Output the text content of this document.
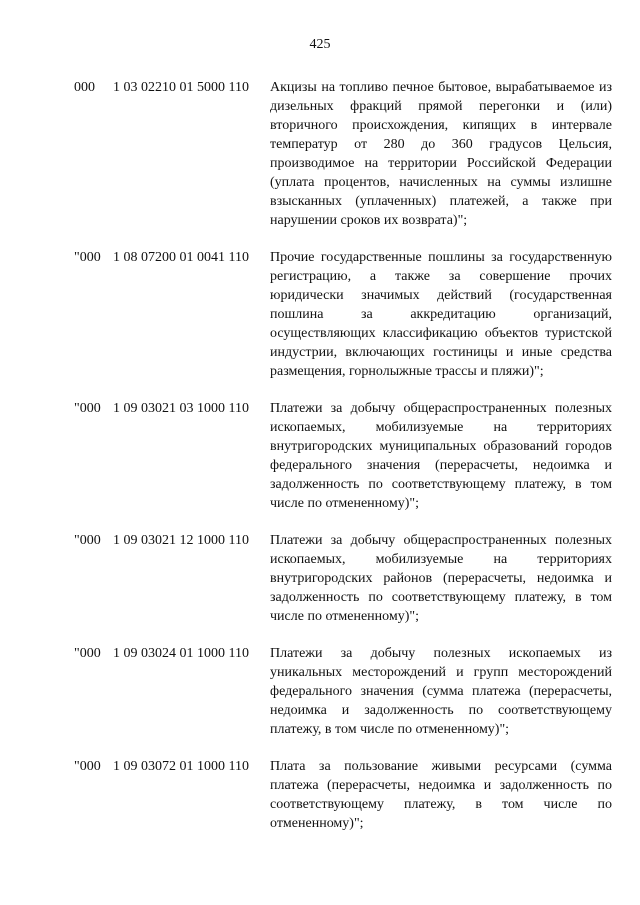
425
000 1 03 02210 01 5000 110 Акцизы на топливо печное бытовое, вырабатываемое из дизельных фракций прямой перегонки и (или) вторичного происхождения, кипящих в интервале температур от 280 до 360 градусов Цельсия, производимое на территории Российской Федерации (уплата процентов, начисленных на суммы излишне взысканных (уплаченных) платежей, а также при нарушении сроков их возврата)";
"000 1 08 07200 01 0041 110 Прочие государственные пошлины за государственную регистрацию, а также за совершение прочих юридически значимых действий (государственная пошлина за аккредитацию организаций, осуществляющих классификацию объектов туристской индустрии, включающих гостиницы и иные средства размещения, горнолыжные трассы и пляжи)";
"000 1 09 03021 03 1000 110 Платежи за добычу общераспространенных полезных ископаемых, мобилизуемые на территориях внутригородских муниципальных образований городов федерального значения (перерасчеты, недоимка и задолженность по соответствующему платежу, в том числе по отмененному)";
"000 1 09 03021 12 1000 110 Платежи за добычу общераспространенных полезных ископаемых, мобилизуемые на территориях внутригородских районов (перерасчеты, недоимка и задолженность по соответствующему платежу, в том числе по отмененному)";
"000 1 09 03024 01 1000 110 Платежи за добычу полезных ископаемых из уникальных месторождений и групп месторождений федерального значения (сумма платежа (перерасчеты, недоимка и задолженность по соответствующему платежу, в том числе по отмененному)";
"000 1 09 03072 01 1000 110 Плата за пользование живыми ресурсами (сумма платежа (перерасчеты, недоимка и задолженность по соответствующему платежу, в том числе по отмененному)";
